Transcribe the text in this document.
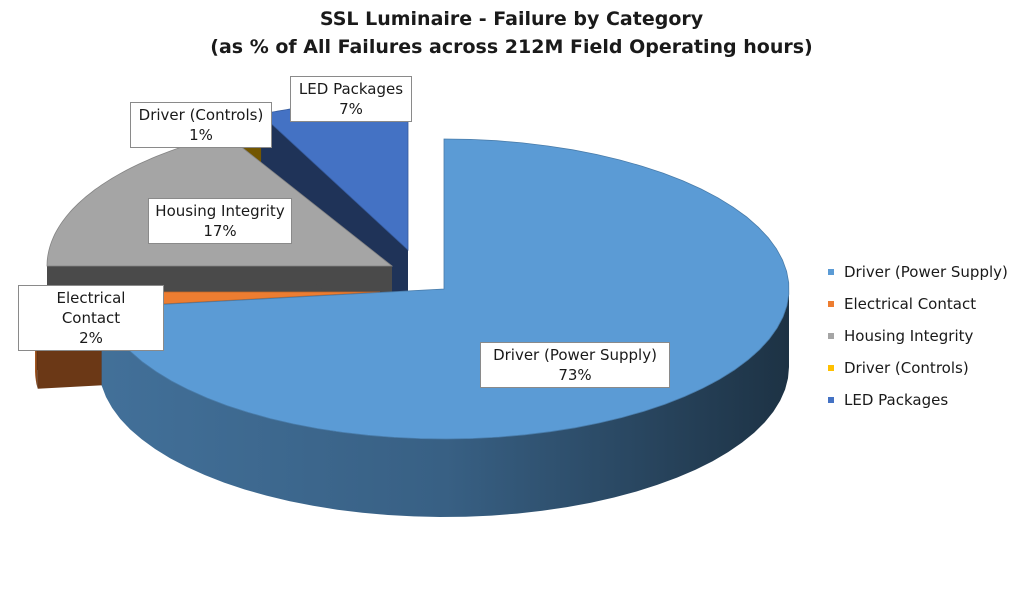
SSL Luminaire - Failure by Category
(as % of All Failures across 212M Field Operating hours)
Driver (Power Supply)
73%
Electrical Contact
2%
Housing Integrity
17%
Driver (Controls)
1%
LED Packages
7%
Driver (Power Supply)
Electrical Contact
Housing Integrity
Driver (Controls)
LED Packages
